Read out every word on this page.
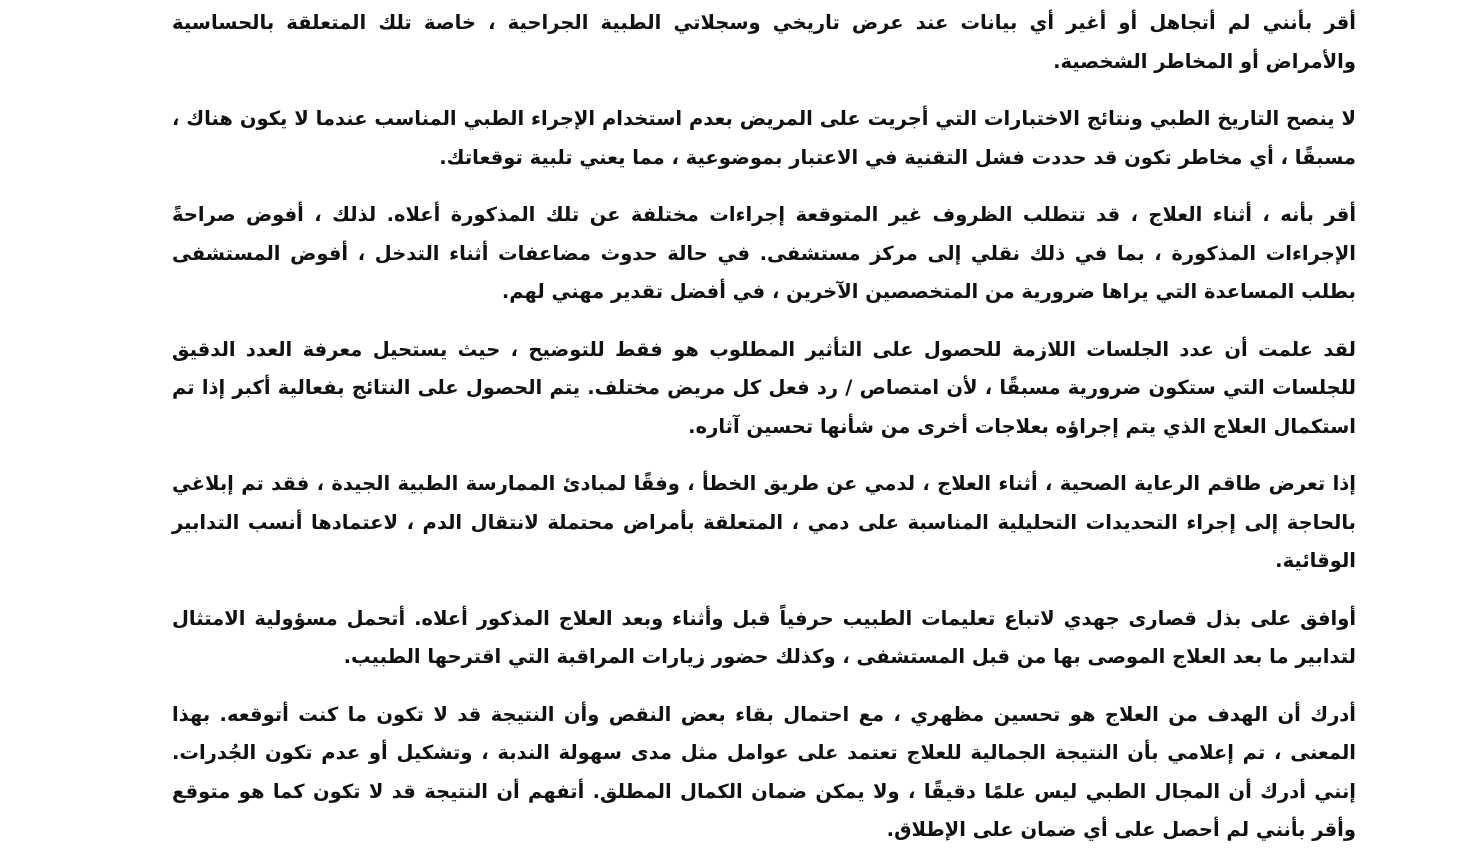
أقر بأنني لم أتجاهل أو أغير أي بيانات عند عرض تاريخي وسجلاتي الطبية الجراحية ، خاصة تلك المتعلقة بالحساسية والأمراض أو المخاطر الشخصية.

لا ينصح التاريخ الطبي ونتائج الاختبارات التي أجريت على المريض بعدم استخدام الإجراء الطبي المناسب عندما لا يكون هناك ، مسبقًا ، أي مخاطر تكون قد حددت فشل التقنية في الاعتبار بموضوعية ، مما يعني تلبية توقعاتك.

أقر بأنه ، أثناء العلاج ، قد تتطلب الظروف غير المتوقعة إجراءات مختلفة عن تلك المذكورة أعلاه. لذلك ، أفوض صراحةً الإجراءات المذكورة ، بما في ذلك نقلي إلى مركز مستشفى. في حالة حدوث مضاعفات أثناء التدخل ، أفوض المستشفى بطلب المساعدة التي يراها ضرورية من المتخصصين الآخرين ، في أفضل تقدير مهني لهم.

لقد علمت أن عدد الجلسات اللازمة للحصول على التأثير المطلوب هو فقط للتوضيح ، حيث يستحيل معرفة العدد الدقيق للجلسات التي ستكون ضرورية مسبقًا ، لأن امتصاص / رد فعل كل مريض مختلف. يتم الحصول على النتائج بفعالية أكبر إذا تم استكمال العلاج الذي يتم إجراؤه بعلاجات أخرى من شأنها تحسين آثاره.

إذا تعرض طاقم الرعاية الصحية ، أثناء العلاج ، لدمي عن طريق الخطأ ، وفقًا لمبادئ الممارسة الطبية الجيدة ، فقد تم إبلاغي بالحاجة إلى إجراء التحديدات التحليلية المناسبة على دمي ، المتعلقة بأمراض محتملة لانتقال الدم ، لاعتمادها أنسب التدابير الوقائية.

أوافق على بذل قصارى جهدي لاتباع تعليمات الطبيب حرفياً قبل وأثناء وبعد العلاج المذكور أعلاه. أتحمل مسؤولية الامتثال لتدابير ما بعد العلاج الموصى بها من قبل المستشفى ، وكذلك حضور زيارات المراقبة التي اقترحها الطبيب.

أدرك أن الهدف من العلاج هو تحسين مظهري ، مع احتمال بقاء بعض النقص وأن النتيجة قد لا تكون ما كنت أتوقعه. بهذا المعنى ، تم إعلامي بأن النتيجة الجمالية للعلاج تعتمد على عوامل مثل مدى سهولة الندبة ، وتشكيل أو عدم تكون الجُدرات. إنني أدرك أن المجال الطبي ليس علمًا دقيقًا ، ولا يمكن ضمان الكمال المطلق. أتفهم أن النتيجة قد لا تكون كما هو متوقع وأقر بأنني لم أحصل على أي ضمان على الإطلاق.
